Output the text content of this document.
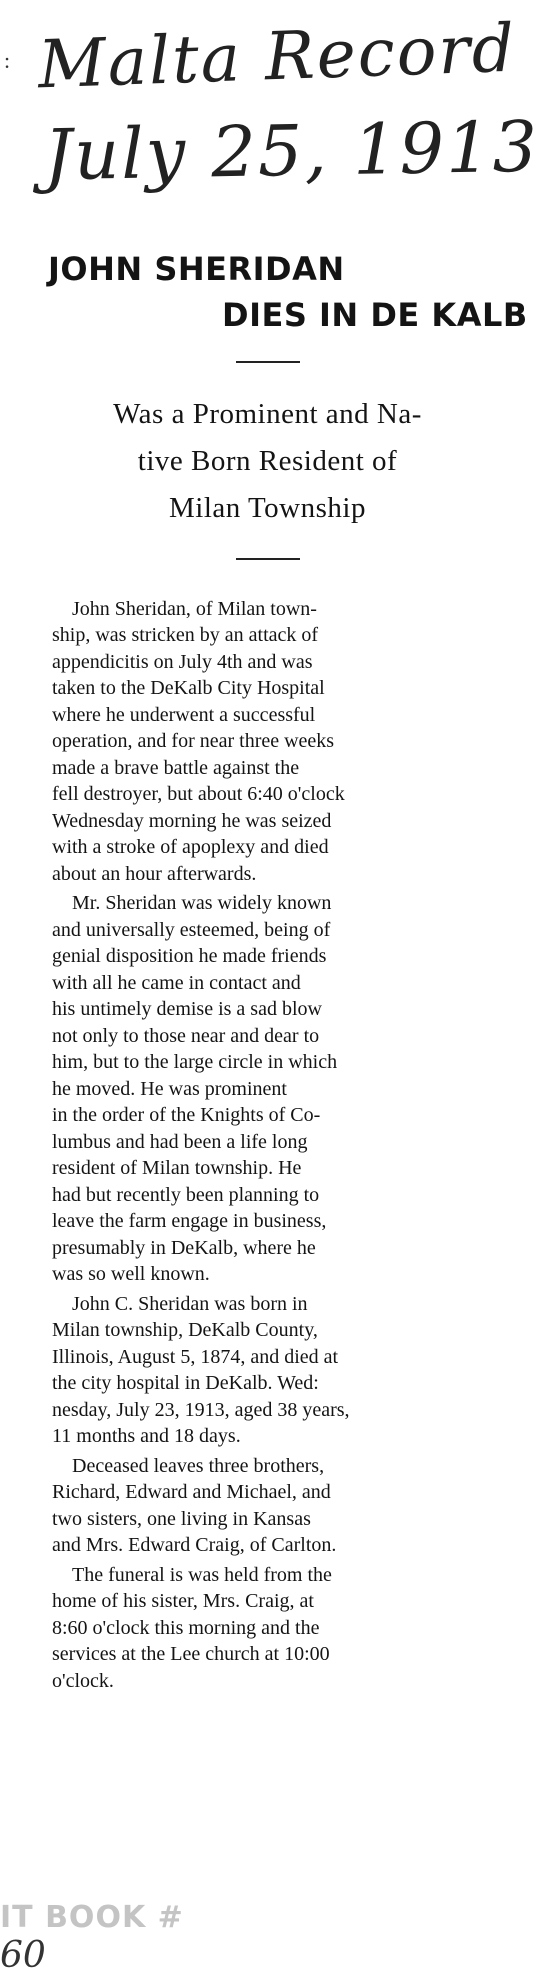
: Malta Record
July 25, 1913
JOHN SHERIDAN
DIES IN DE KALB
Was a Prominent and Na-
tive Born Resident of
Milan Township

John Sheridan, of Milan town-
ship, was stricken by an attack of
appendicitis on July 4th and was
taken to the DeKalb City Hospital
where he underwent a successful
operation, and for near three weeks
made a brave battle against the
fell destroyer, but about 6:40 o'clock
Wednesday morning he was seized
with a stroke of apoplexy and died
about an hour afterwards.

Mr. Sheridan was widely known
and universally esteemed, being of
genial disposition he made friends
with all he came in contact and
his untimely demise is a sad blow
not only to those near and dear to
him, but to the large circle in which
he moved. He was prominent
in the order of the Knights of Co-
lumbus and had been a life long
resident of Milan township. He
had but recently been planning to
leave the farm engage in business,
presumably in DeKalb, where he
was so well known.

John C. Sheridan was born in
Milan township, DeKalb County,
Illinois, August 5, 1874, and died at
the city hospital in DeKalb. Wed:
nesday, July 23, 1913, aged 38 years,
11 months and 18 days.

Deceased leaves three brothers,
Richard, Edward and Michael, and
two sisters, one living in Kansas
and Mrs. Edward Craig, of Carlton.

The funeral is was held from the
home of his sister, Mrs. Craig, at
8:60 o'clock this morning and the
services at the Lee church at 10:00
o'clock.

IT BOOK #
60
